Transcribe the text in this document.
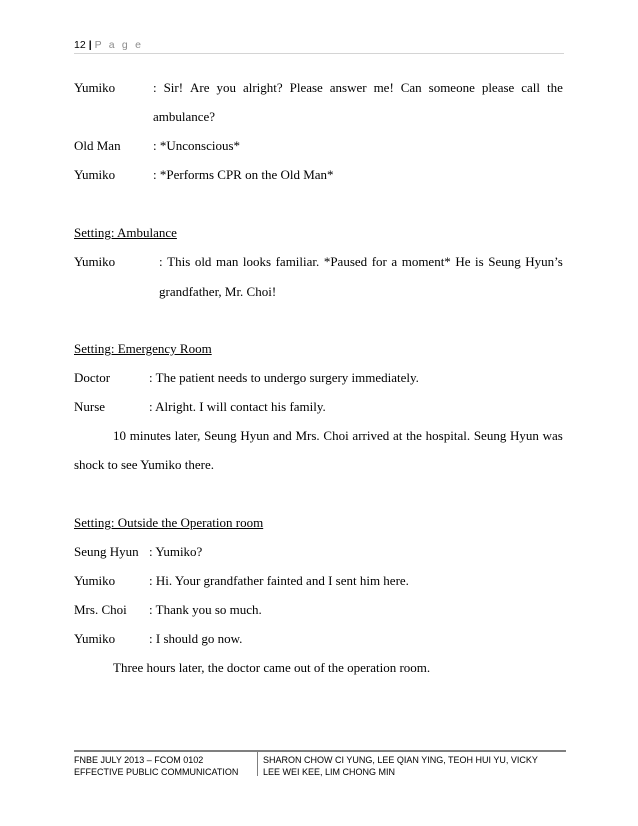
12 | P a g e
Yumiko	: Sir! Are you alright? Please answer me! Can someone please call the
ambulance?
Old Man : *Unconscious*
Yumiko	: *Performs CPR on the Old Man*
Setting: Ambulance
Yumiko	: This old man looks familiar. *Paused for a moment* He is Seung Hyun’s
grandfather, Mr. Choi!
Setting: Emergency Room
Doctor	: The patient needs to undergo surgery immediately.
Nurse	: Alright. I will contact his family.
10 minutes later, Seung Hyun and Mrs. Choi arrived at the hospital. Seung Hyun was
shock to see Yumiko there.
Setting: Outside the Operation room
Seung Hyun : Yumiko?
Yumiko	: Hi. Your grandfather fainted and I sent him here.
Mrs. Choi : Thank you so much.
Yumiko	: I should go now.
Three hours later, the doctor came out of the operation room.
FNBE JULY 2013 – FCOM 0102
EFFECTIVE PUBLIC COMMUNICATION
SHARON CHOW CI YUNG, LEE QIAN YING, TEOH HUI YU, VICKY
LEE WEI KEE, LIM CHONG MIN
